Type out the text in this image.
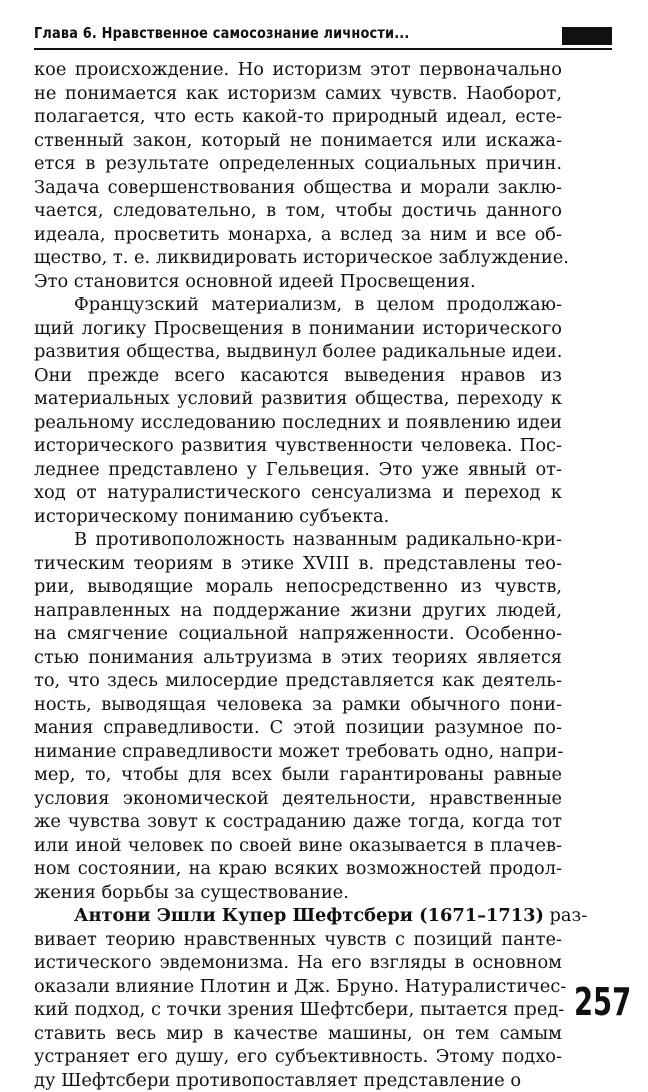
Глава 6. Нравственное самосознание личности...
кое происхождение. Но историзм этот первоначально
не понимается как историзм самих чувств. Наоборот,
полагается, что есть какой-то природный идеал, есте-
ственный закон, который не понимается или искажа-
ется в результате определенных социальных причин.
Задача совершенствования общества и морали заклю-
чается, следовательно, в том, чтобы достичь данного
идеала, просветить монарха, а вслед за ним и все об-
щество, т. е. ликвидировать историческое заблуждение.
Это становится основной идеей Просвещения.
Французский материализм, в целом продолжаю-
щий логику Просвещения в понимании исторического
развития общества, выдвинул более радикальные идеи.
Они прежде всего касаются выведения нравов из
материальных условий развития общества, переходу к
реальному исследованию последних и появлению идеи
исторического развития чувственности человека. Пос-
леднее представлено у Гельвеция. Это уже явный от-
ход от натуралистического сенсуализма и переход к
историческому пониманию субъекта.
В противоположность названным радикально-кри-
тическим теориям в этике XVIII в. представлены тео-
рии, выводящие мораль непосредственно из чувств,
направленных на поддержание жизни других людей,
на смягчение социальной напряженности. Особенно-
стью понимания альтруизма в этих теориях является
то, что здесь милосердие представляется как деятель-
ность, выводящая человека за рамки обычного пони-
мания справедливости. С этой позиции разумное по-
нимание справедливости может требовать одно, напри-
мер, то, чтобы для всех были гарантированы равные
условия экономической деятельности, нравственные
же чувства зовут к состраданию даже тогда, когда тот
или иной человек по своей вине оказывается в плачев-
ном состоянии, на краю всяких возможностей продол-
жения борьбы за существование.
Антони Эшли Купер Шефтсбери (1671–1713) раз-
вивает теорию нравственных чувств с позиций панте-
истического эвдемонизма. На его взгляды в основном
оказали влияние Плотин и Дж. Бруно. Натуралистичес-
кий подход, с точки зрения Шефтсбери, пытается пред-
ставить весь мир в качестве машины, он тем самым
устраняет его душу, его субъективность. Этому подхо-
ду Шефтсбери противопоставляет представление о
257
